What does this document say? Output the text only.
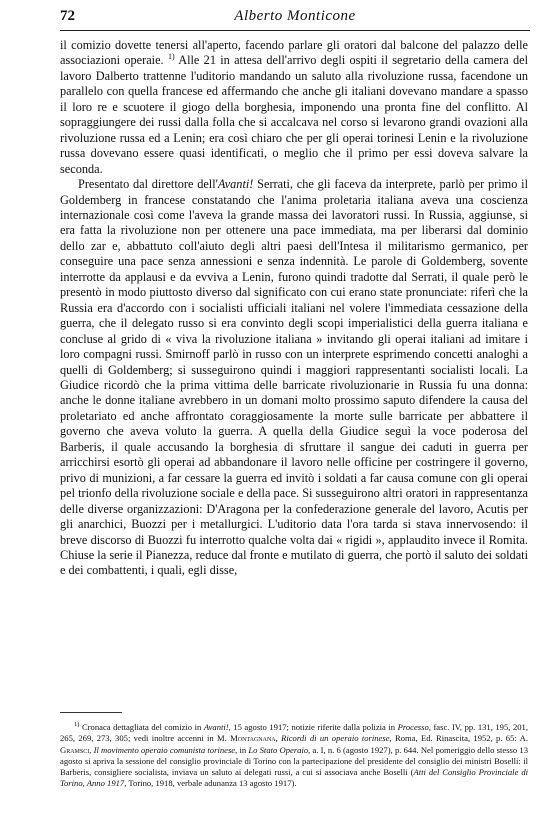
72	Alberto Monticone

il comizio dovette tenersi all'aperto, facendo parlare gli oratori dal balcone del palazzo delle associazioni operaie. $^{1)}$ Alle 21 in attesa dell'arrivo degli ospiti il segretario della camera del lavoro Dalberto trattenne l'uditorio mandando un saluto alla rivoluzione russa, facendone un parallelo con quella francese ed affermando che anche gli italiani dovevano mandare a spasso il loro re e scuotere il giogo della borghesia, imponendo una pronta fine del conflitto. Al sopraggiungere dei russi dalla folla che si accalcava nel corso si levarono grandi ovazioni alla rivoluzione russa ed a Lenin; era così chiaro che per gli operai torinesi Lenin e la rivoluzione russa dovevano essere quasi identificati, o meglio che il primo per essi doveva salvare la seconda.

Presentato dal direttore dell'Avanti! Serrati, che gli faceva da interprete, parlò per primo il Goldemberg in francese constatando che l'anima proletaria italiana aveva una coscienza internazionale così come l'aveva la grande massa dei lavoratori russi. In Russia, aggiunse, si era fatta la rivoluzione non per ottenere una pace immediata, ma per liberarsi dal dominio dello zar e, abbattuto coll'aiuto degli altri paesi dell'Intesa il militarismo germanico, per conseguire una pace senza annessioni e senza indennità. Le parole di Goldemberg, sovente interrotte da applausi e da evviva a Lenin, furono quindi tradotte dal Serrati, il quale però le presentò in modo piuttosto diverso dal significato con cui erano state pronunciate: riferì che la Russia era d'accordo con i socialisti ufficiali italiani nel volere l'immediata cessazione della guerra, che il delegato russo si era convinto degli scopi imperialistici della guerra italiana e concluse al grido di « viva la rivoluzione italiana » invitando gli operai italiani ad imitare i loro compagni russi. Smirnoff parlò in russo con un interprete esprimendo concetti analoghi a quelli di Goldemberg; si susseguirono quindi i maggiori rappresentanti socialisti locali. La Giudice ricordò che la prima vittima delle barricate rivoluzionarie in Russia fu una donna: anche le donne italiane avrebbero in un domani molto prossimo saputo difendere la causa del proletariato ed anche affrontato coraggiosamente la morte sulle barricate per abbattere il governo che aveva voluto la guerra. A quella della Giudice seguì la voce poderosa del Barberis, il quale accusando la borghesia di sfruttare il sangue dei caduti in guerra per arricchirsi esortò gli operai ad abbandonare il lavoro nelle officine per costringere il governo, privo di munizioni, a far cessare la guerra ed invitò i soldati a far causa comune con gli operai pel trionfo della rivoluzione sociale e della pace. Si susseguirono altri oratori in rappresentanza delle diverse organizzazioni: D'Aragona per la confederazione generale del lavoro, Acutis per gli anarchici, Buozzi per i metallurgici. L'uditorio data l'ora tarda si stava innervosendo: il breve discorso di Buozzi fu interrotto qualche volta dai « rigidi », applaudito invece il Romita. Chiuse la serie il Pianezza, reduce dal fronte e mutilato di guerra, che portò il saluto dei soldati e dei combattenti, i quali, egli disse,

$^{1)}$ Cronaca dettagliata del comizio in Avanti!, 15 agosto 1917; notizie riferite dalla polizia in Processo, fasc. IV, pp. 131, 195, 201, 265, 269, 273, 305; vedi inoltre accenni in M. Montagnana, Ricordi di un operaio torinese, Roma, Ed. Rinascita, 1952, p. 65: A. Gramsci, Il movimento operaio comunista torinese, in Lo Stato Operaio, a. I, n. 6 (agosto 1927), p. 644. Nel pomeriggio dello stesso 13 agosto si apriva la sessione del consiglio provinciale di Torino con la partecipazione del presidente del consiglio dei ministri Boselli: il Barberis, consigliere socialista, inviava un saluto ai delegati russi, a cui si associava anche Boselli (Atti del Consiglio Provinciale di Torino, Anno 1917, Torino, 1918, verbale adunanza 13 agosto 1917).
